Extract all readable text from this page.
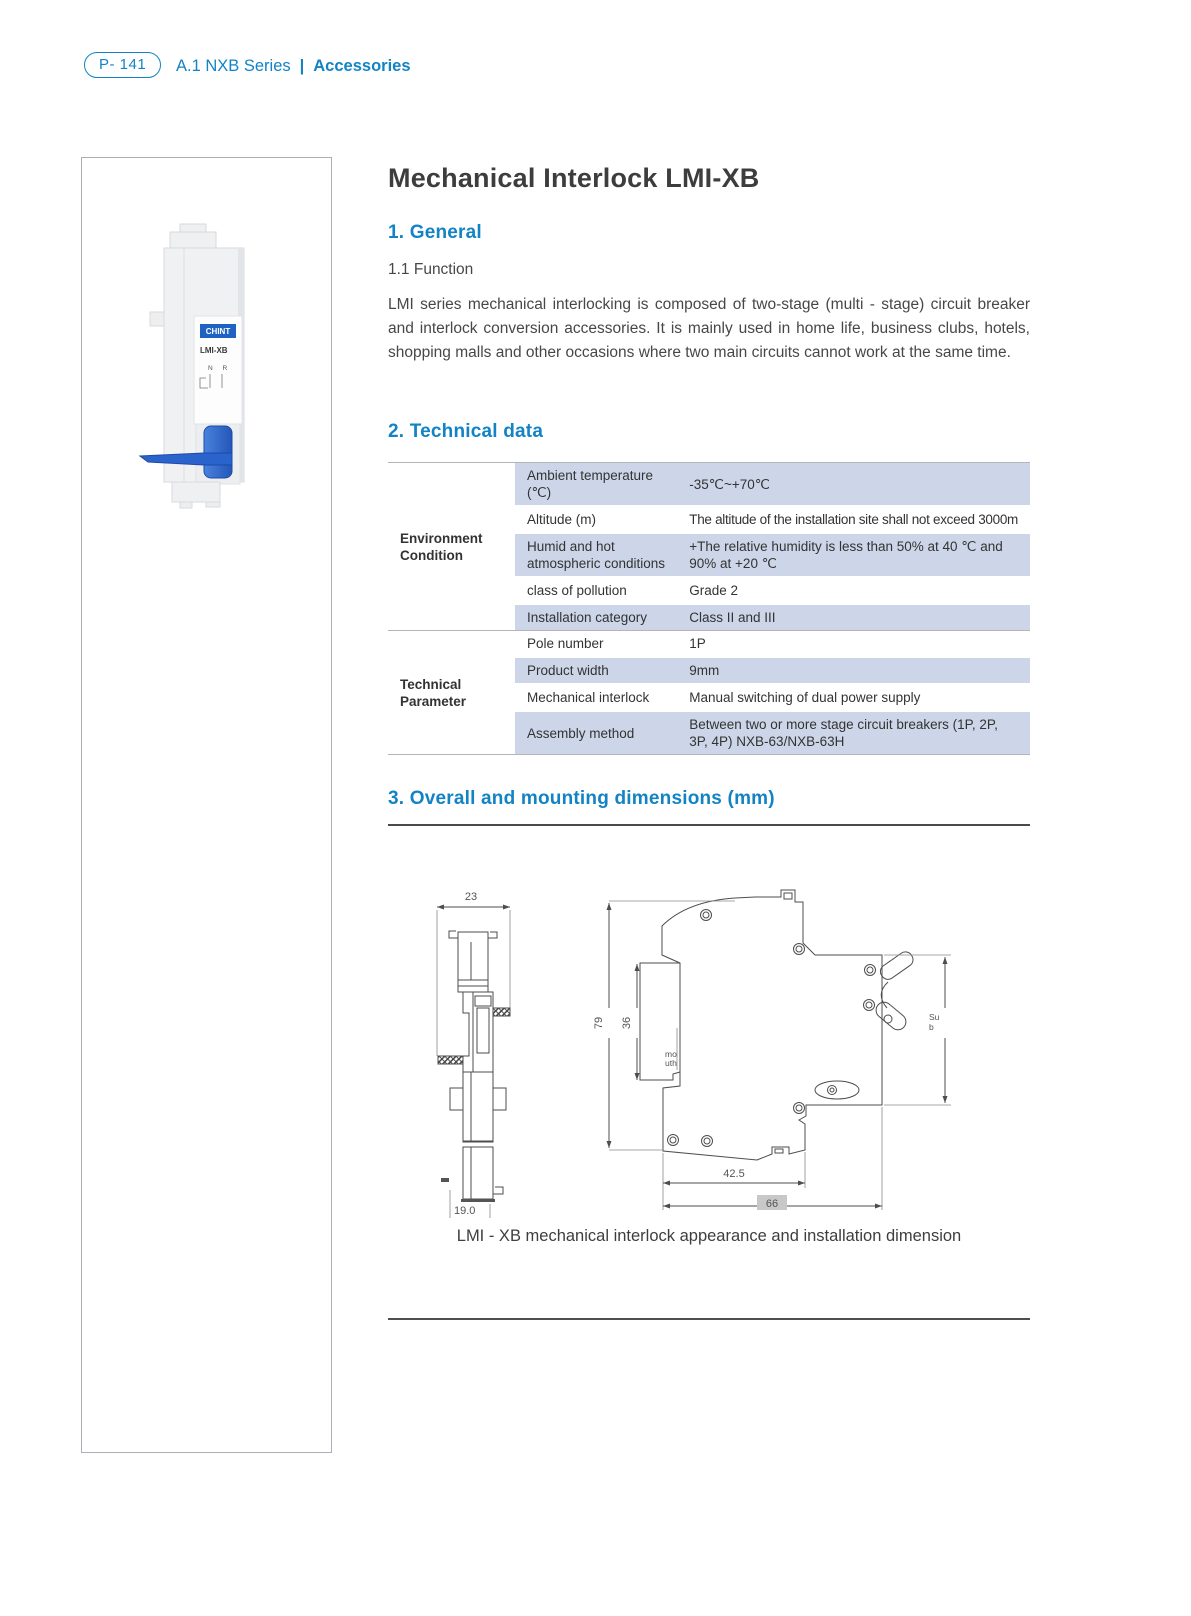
P- 141	A.1 NXB Series | Accessories
CHINT
LMI-XB
N R
Mechanical Interlock LMI-XB
1. General
1.1 Function
LMI series mechanical interlocking is composed of two-stage (multi - stage) circuit breaker and interlock conversion accessories. It is mainly used in home life, business clubs, hotels, shopping malls and other occasions where two main circuits cannot work at the same time.
2. Technical data
Environment Condition	Ambient temperature (℃)	-35℃~+70℃
	Altitude (m)	The altitude of the installation site shall not exceed 3000m
	Humid and hot atmospheric conditions	+The relative humidity is less than 50% at 40 ℃ and 90% at +20 ℃
	class of pollution	Grade 2
	Installation category	Class II and III
Technical Parameter	Pole number	1P
	Product width	9mm
	Mechanical interlock	Manual switching of dual power supply
	Assembly method	Between two or more stage circuit breakers (1P, 2P, 3P, 4P) NXB-63/NXB-63H
3. Overall and mounting dimensions (mm)
23
19.0
mo
uth
79 36	Su
b
42.5
66
LMI - XB mechanical interlock appearance and installation dimension
